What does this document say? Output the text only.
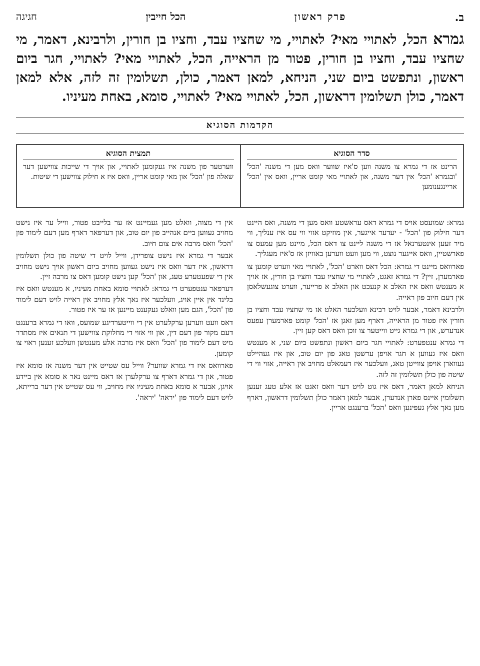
ב.
פרק ראשון
הכל חייבין
חגיגה
גמרא הכל, לאתויי מאי? לאתויי, מי שחציו עבד, וחציו בן חורין, ולרבינא, דאמר, מי שחציו עבד, וחציו בן חורין, פטור מן הראייה, הכל, לאתויי מאי? לאתויי, חגר ביום ראשון, ונתפשט ביום שני, הניחא, למאן דאמר, כולן, תשלומין זה לזה, אלא למאן דאמר, כולן תשלומין דראשון, הכל, לאתויי מאי? לאתויי, סומא, באחת מעיניו.
הקדמות הסוגיא
סדר הסוגיא
הרינט אז די גמרא צו משנה ווען ס'איז שווער וואס מען די משנה 'הכל' 'ובגמרא 'הכל' אין דער משנה, און לאתויי מאי קומט אריין, וואס אין 'הכל' אריינגענומען
תמצית הסוגיא
ווערטער פון משנה איז געקומען לאתויי, און אויך די שייכות צווישען דער שאלה פון 'הכל' און מאי קומט אריין, וואס איז א חילוק צווישען די שיטות.

גמרא: שמועסט אויס די גמרא דאס עראשטע וואס מען די משנה, ואס היינט דער חילוק פון 'הכל' - יעדער אייגער, אין מוזיקט אזוי ווי עס איז ענליך, ווי מיר זעען אינטערנאל אז די משנה ליינט צו דאס הכל, מיינט מען עמעס צו פארשטיין, וואס אייגער נוצט, ווי מען וועט ווערען באוויזן אז ס'איז מעגליך.

פארוואס מיינט די גמרא: הכל דאס ווארט 'הכל', לאתויי מאי ווערט קומען צו פארמערן, זיין? די גמרא זאגט, לאתויי מי שחציו עבד וחציו בן חורין, אז אויך א מענטש וואס איז האלב א קנעכט און האלב א פרייער, ווערט צוגעשלאסן אין דעם חיוב פון ראייה.

ולרבינא דאמר, אבער לויט רבינא וועלכער האלט אז מי שחציו עבד וחציו בן חורין איז פטור מן הראייה, דארף מען זאגן אז 'הכל' קומט פארמערן עפעס אנדערש, און די גמרא גייט ווייטער צו זוכן וואס דאס קען זיין.

די גמרא ענטפערט: לאתויי חגר ביום ראשון ונתפשט ביום שני, א מענטש וואס איז געווען א חגר אויפן ערשטן טאג פון יום טוב, און איז געהיילט געווארן אויפן צווייטן טאג, וועלכער איז דעמאלט מחויב אין ראייה, אזוי ווי די שיטה פון כולן תשלומין זה לזה.

הניחא למאן דאמר, דאס איז גוט לויט דער וואס זאגט אז אלע טעג זענען תשלומין איינס פארן אנדערן, אבער למאן דאמר כולן תשלומין דראשון, דארף מען נאך אלץ געפינען וואס 'הכל' ברענגט אריין.

אין די מצוה, וואלט מען געמיינט אז ער בלייבט פטור, ווייל ער איז נישט מחויב געווען ביים אנהייב פון יום טוב, און דערפאר דארף מען דעם לימוד פון 'הכל' וואס מרבה אים צום חיוב.

אבער די גמרא איז נישט צופרידן, ווייל לויט די שיטה פון כולן תשלומין דראשון, איז דער וואס איז נישט געווען מחויב ביום ראשון אויך נישט מחויב אין די שפעטערע טעג, און 'הכל' קען נישט קומען דאס צו מרבה זיין.

דערפאר ענטפערט די גמרא: לאתויי סומא באחת מעיניו, א מענטש וואס איז בלינד אין איין אויג, וועלכער איז נאך אלץ מחויב אין ראייה לויט דעם לימוד פון 'הכל', הגם מען וואלט געקענט מיינען אז ער איז פטור.

דאס וועט ווערען ערקלערט אין די ווייטערדיגע שמועס, וואו די גמרא ברענגט דעם מקור פון דעם דין, און ווי אזוי די מחלוקת צווישען די תנאים איז מסתדר מיט דעם לימוד פון 'הכל' וואס איז מרבה אלע מענטשן וועלכע זענען ראוי צו קומען.

פארוואס איז די גמרא שווער? ווייל עס שטייט אין דער משנה אז סומא איז פטור, און די גמרא דארף צו ערקלערן אז דאס מיינט נאר א סומא אין ביידע אויגן, אבער א סומא באחת מעיניו איז מחויב, ווי עס שטייט אין דער ברייתא, לויט דעם לימוד פון 'יראה' 'יראה'.
